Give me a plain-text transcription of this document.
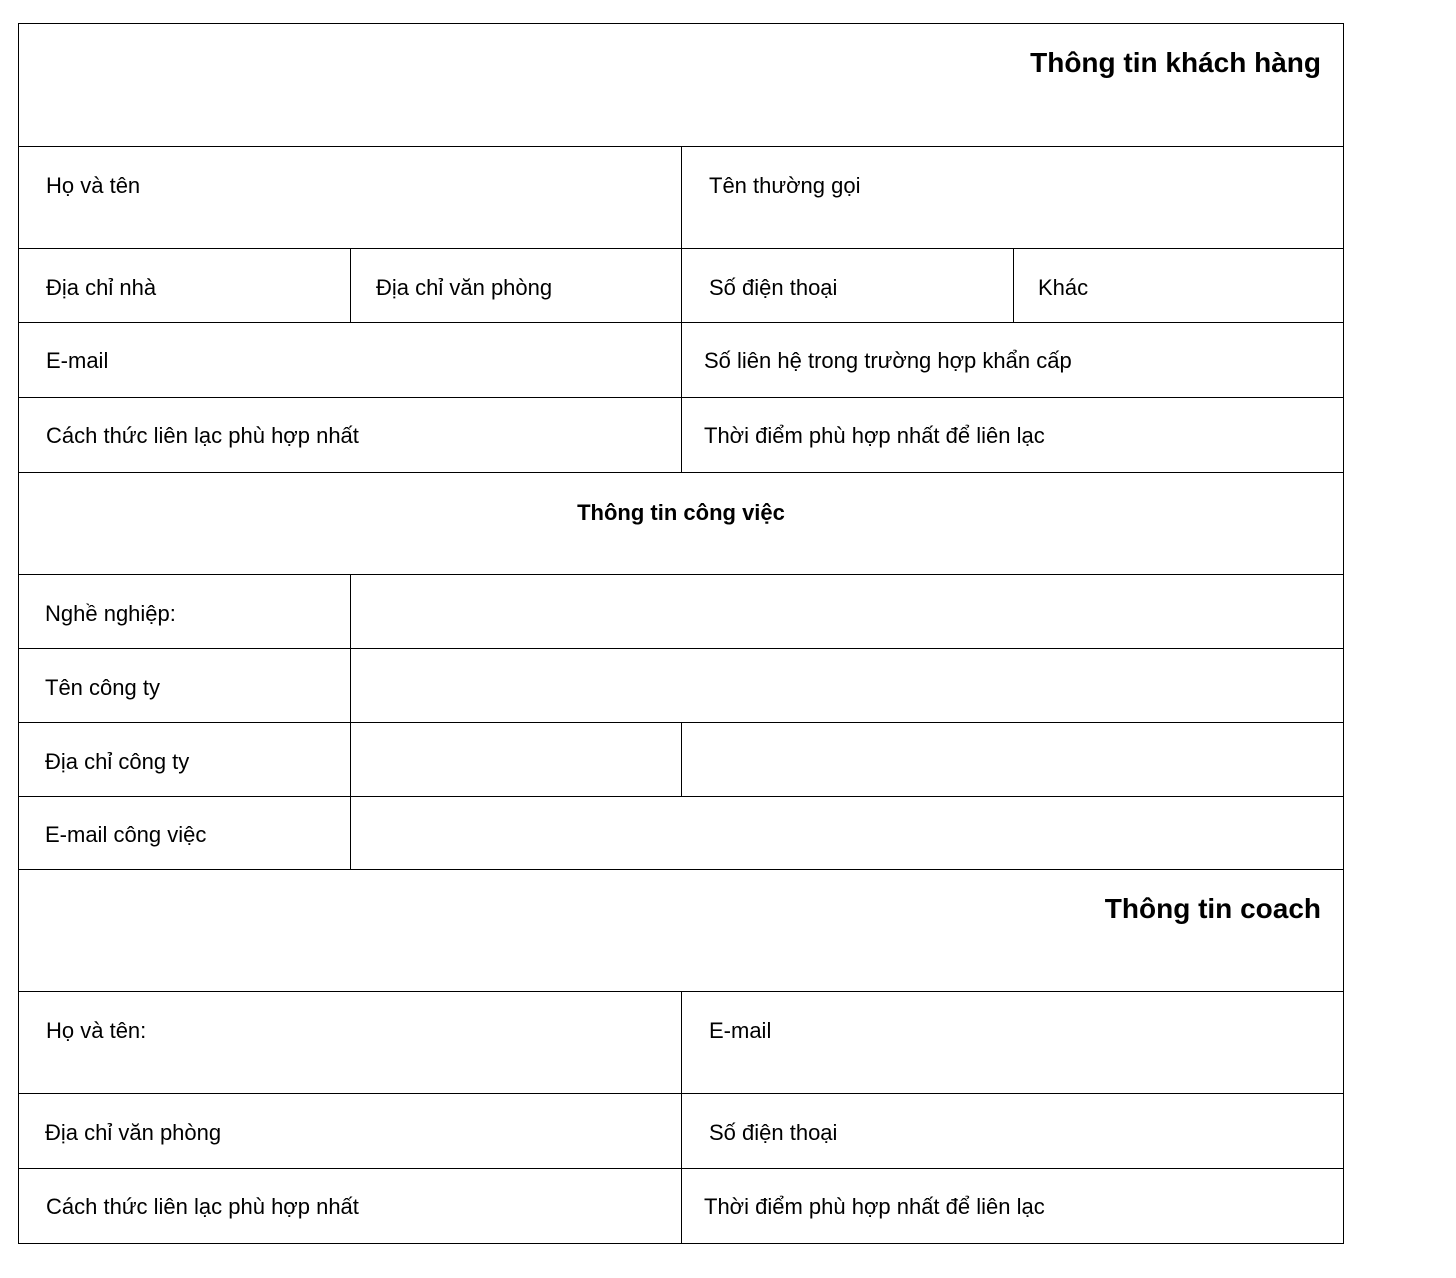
Thông tin khách hàng
Họ và tên	Tên thường gọi
Địa chỉ nhà	Địa chỉ văn phòng	Số điện thoại	Khác
E-mail	Số liên hệ trong trường hợp khẩn cấp
Cách thức liên lạc phù hợp nhất	Thời điểm phù hợp nhất để liên lạc
Thông tin công việc
Nghề nghiệp:
Tên công ty
Địa chỉ công ty
E-mail công việc
Thông tin coach
Họ và tên:	E-mail
Địa chỉ văn phòng	Số điện thoại
Cách thức liên lạc phù hợp nhất	Thời điểm phù hợp nhất để liên lạc
